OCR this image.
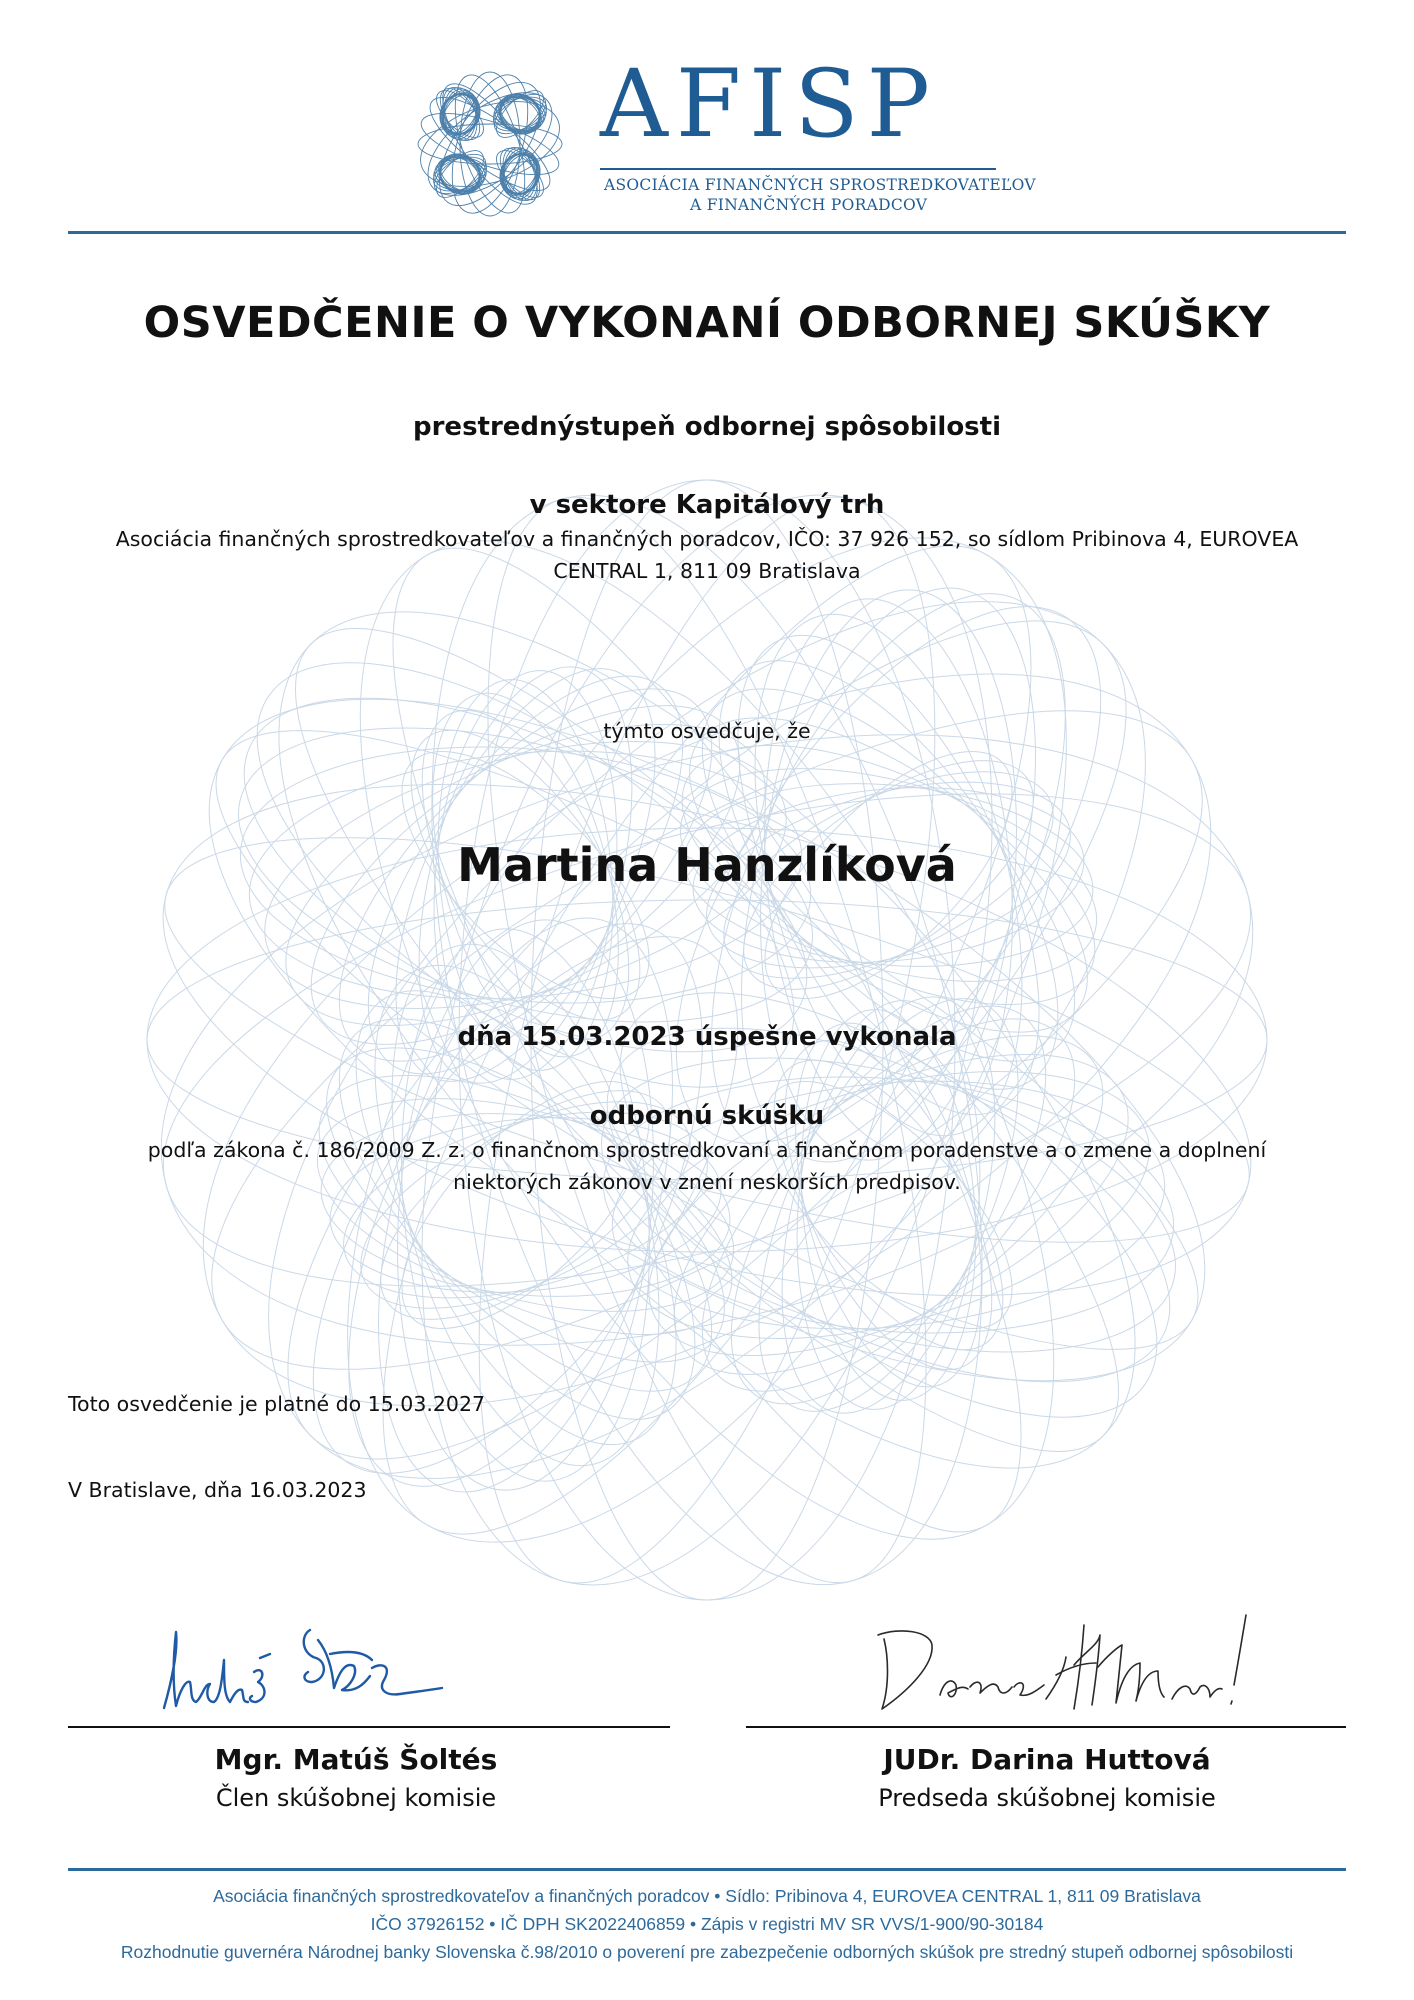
AFISP
ASOCIÁCIA FINANČNÝCH SPROSTREDKOVATEĽOV
A FINANČNÝCH PORADCOV
OSVEDČENIE O VYKONANÍ ODBORNEJ SKÚŠKY
prestrednýstupeň odbornej spôsobilosti
v sektore Kapitálový trh
Asociácia finančných sprostredkovateľov a finančných poradcov, IČO: 37 926 152, so sídlom Pribinova 4, EUROVEA
CENTRAL 1, 811 09 Bratislava
týmto osvedčuje, že
Martina Hanzlíková
dňa 15.03.2023 úspešne vykonala
odbornú skúšku
podľa zákona č. 186/2009 Z. z. o finančnom sprostredkovaní a finančnom poradenstve a o zmene a doplnení
niektorých zákonov v znení neskorších predpisov.
Toto osvedčenie je platné do 15.03.2027
V Bratislave, dňa 16.03.2023
Mgr. Matúš Šoltés
Člen skúšobnej komisie
JUDr. Darina Huttová
Predseda skúšobnej komisie
Asociácia finančných sprostredkovateľov a finančných poradcov • Sídlo: Pribinova 4, EUROVEA CENTRAL 1, 811 09 Bratislava
IČO 37926152 • IČ DPH SK2022406859 • Zápis v registri MV SR VVS/1-900/90-30184
Rozhodnutie guvernéra Národnej banky Slovenska č.98/2010 o poverení pre zabezpečenie odborných skúšok pre stredný stupeň odbornej spôsobilosti
